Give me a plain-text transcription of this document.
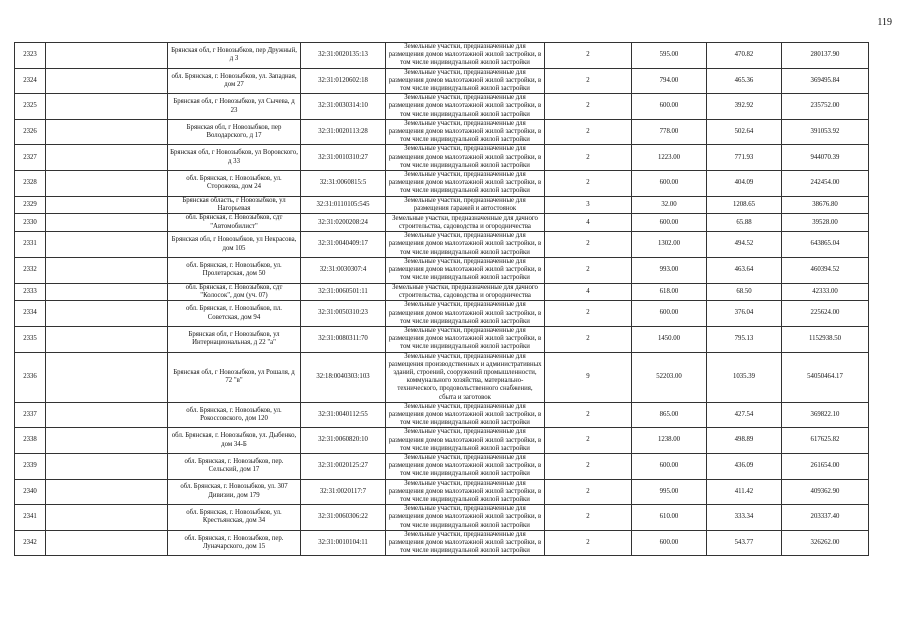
119
2323		Брянская обл, г Новозыбков, пер Дружный, д 3	32:31:0020135:13	Земельные участки, предназначенные для размещения домов малоэтажной жилой застройки, в том числе индивидуальной жилой застройки	2	595.00	470.82	280137.90
2324		обл. Брянская, г. Новозыбков, ул. Западная, дом 27	32:31:0120602:18	Земельные участки, предназначенные для размещения домов малоэтажной жилой застройки, в том числе индивидуальной жилой застройки	2	794.00	465.36	369495.84
2325		Брянская обл, г Новозыбков, ул Сычева, д 23	32:31:0030314:10	Земельные участки, предназначенные для размещения домов малоэтажной жилой застройки, в том числе индивидуальной жилой застройки	2	600.00	392.92	235752.00
2326		Брянская обл, г Новозыбков, пер Володарского, д 17	32:31:0020113:28	Земельные участки, предназначенные для размещения домов малоэтажной жилой застройки, в том числе индивидуальной жилой застройки	2	778.00	502.64	391053.92
2327		Брянская обл, г Новозыбков, ул Воровского, д 33	32:31:0010310:27	Земельные участки, предназначенные для размещения домов малоэтажной жилой застройки, в том числе индивидуальной жилой застройки	2	1223.00	771.93	944070.39
2328		обл. Брянская, г. Новозыбков, ул. Сторожева, дом 24	32:31:0060815:5	Земельные участки, предназначенные для размещения домов малоэтажной жилой застройки, в том числе индивидуальной жилой застройки	2	600.00	404.09	242454.00
2329		Брянская область, г Новозыбков, ул Нагорьевая	32:31:0110105:545	Земельные участки, предназначенные для размещения гаражей и автостоянок	3	32.00	1208.65	38676.80
2330		обл. Брянская, г. Новозыбков, сдт "Автомобилист"	32:31:0200208:24	Земельные участки, предназначенные для дачного строительства, садоводства и огородничества	4	600.00	65.88	39528.00
2331		Брянская обл, г Новозыбков, ул Некрасова, дом 105	32:31:0040409:17	Земельные участки, предназначенные для размещения домов малоэтажной жилой застройки, в том числе индивидуальной жилой застройки	2	1302.00	494.52	643865.04
2332		обл. Брянская, г. Новозыбков, ул. Пролетарская, дом 50	32:31:0030307:4	Земельные участки, предназначенные для размещения домов малоэтажной жилой застройки, в том числе индивидуальной жилой застройки	2	993.00	463.64	460394.52
2333		обл. Брянская, г. Новозыбков, сдт "Колосок", дом (уч. 07)	32:31:0060501:11	Земельные участки, предназначенные для дачного строительства, садоводства и огородничества	4	618.00	68.50	42333.00
2334		обл. Брянская, г. Новозыбков, пл. Советская, дом 94	32:31:0050310:23	Земельные участки, предназначенные для размещения домов малоэтажной жилой застройки, в том числе индивидуальной жилой застройки	2	600.00	376.04	225624.00
2335		Брянская обл, г Новозыбков, ул Интернациональная, д 22 "а"	32:31:0080311:70	Земельные участки, предназначенные для размещения домов малоэтажной жилой застройки, в том числе индивидуальной жилой застройки	2	1450.00	795.13	1152938.50
2336		Брянская обл, г Новозыбков, ул Рошаля, д 72 "в"	32:18:0040303:103	Земельные участки, предназначенные для размещения производственных и административных зданий, строений, сооружений промышленности, коммунального хозяйства, материально-технического, продовольственного снабжения, сбыта и заготовок	9	52203.00	1035.39	54050464.17
2337		обл. Брянская, г. Новозыбков, ул. Рокоссовского, дом 120	32:31:0040112:55	Земельные участки, предназначенные для размещения домов малоэтажной жилой застройки, в том числе индивидуальной жилой застройки	2	865.00	427.54	369822.10
2338		обл. Брянская, г. Новозыбков, ул. Дыбенко, дом 34-Б	32:31:0060820:10	Земельные участки, предназначенные для размещения домов малоэтажной жилой застройки, в том числе индивидуальной жилой застройки	2	1238.00	498.89	617625.82
2339		обл. Брянская, г. Новозыбков, пер. Сельский, дом 17	32:31:0020125:27	Земельные участки, предназначенные для размещения домов малоэтажной жилой застройки, в том числе индивидуальной жилой застройки	2	600.00	436.09	261654.00
2340		обл. Брянская, г. Новозыбков, ул. 307 Дивизии, дом 179	32:31:0020117:7	Земельные участки, предназначенные для размещения домов малоэтажной жилой застройки, в том числе индивидуальной жилой застройки	2	995.00	411.42	409362.90
2341		обл. Брянская, г. Новозыбков, ул. Крестьянская, дом 34	32:31:0060306:22	Земельные участки, предназначенные для размещения домов малоэтажной жилой застройки, в том числе индивидуальной жилой застройки	2	610.00	333.34	203337.40
2342		обл. Брянская, г. Новозыбков, пер. Луначарского, дом 15	32:31:0010104:11	Земельные участки, предназначенные для размещения домов малоэтажной жилой застройки, в том числе индивидуальной жилой застройки	2	600.00	543.77	326262.00
